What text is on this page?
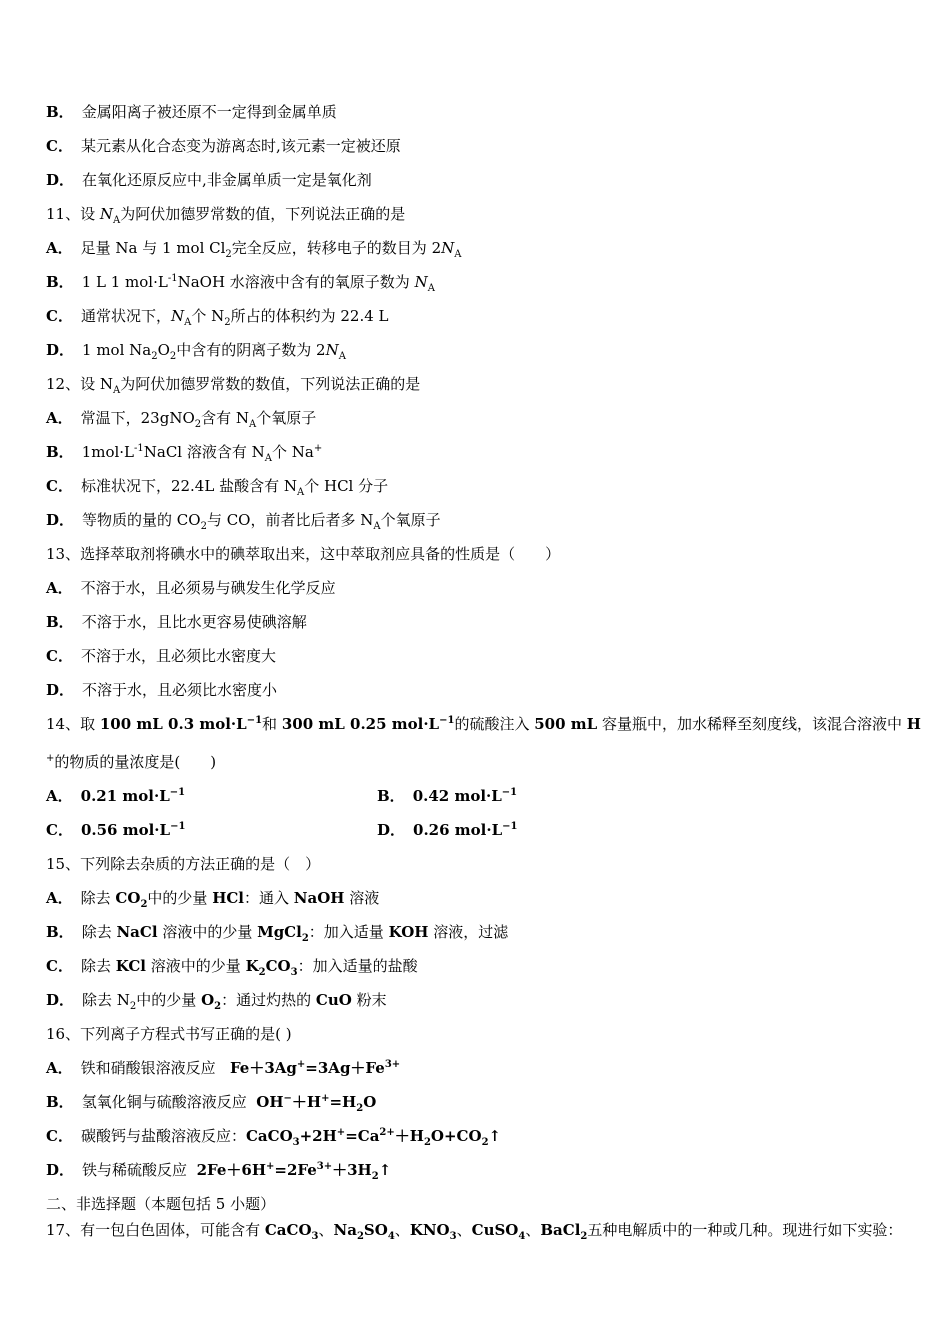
B． 金属阳离子被还原不一定得到金属单质
C． 某元素从化合态变为游离态时,该元素一定被还原
D． 在氧化还原反应中,非金属单质一定是氧化剂
11、设 $N_A$为阿伏加德罗常数的值，下列说法正确的是
A． 足量 Na 与 1 mol $Cl_2$完全反应，转移电子的数目为 $2N_A$
B． 1 L 1 $mol\cdot L^{-1}NaOH$ 水溶液中含有的氧原子数为 $N_A$
C． 通常状况下，$N_A$个 $N_2$所占的体积约为 22.4 L
D． 1 mol $Na_2O_2$中含有的阴离子数为 $2N_A$
12、设 $N_A$为阿伏加德罗常数的数值，下列说法正确的是
A． 常温下，23gNO$_2$含有 $N_A$个氧原子
B． $1mol\cdot L^{-1}NaCl$ 溶液含有 $N_A$个 Na+
C． 标准状况下，22.4L 盐酸含有 $N_A$个 HCl 分子
D． 等物质的量的 $CO_2$与 CO，前者比后者多 $N_A$个氧原子
13、选择萃取剂将碘水中的碘萃取出来，这中萃取剂应具备的性质是（　　）
A． 不溶于水，且必须易与碘发生化学反应
B． 不溶于水，且比水更容易使碘溶解
C． 不溶于水，且必须比水密度大
D． 不溶于水，且必须比水密度小
14、取 100 mL 0.3 $mol\cdot L^{-1}$和 300 mL 0.25 $mol\cdot L^{-1}$的硫酸注入 500 mL 容量瓶中，加水稀释至刻度线，该混合溶液中 H
+的物质的量浓度是(　　)
A． 0.21 $mol\cdot L^{-1}$	B． 0.42 $mol\cdot L^{-1}$
C． 0.56 $mol\cdot L^{-1}$	D． 0.26 $mol\cdot L^{-1}$
15、下列除去杂质的方法正确的是（　）
A． 除去 $CO_2$中的少量 HCl：通入 NaOH 溶液
B． 除去 NaCl 溶液中的少量 MgCl$_2$：加入适量 KOH 溶液，过滤
C． 除去 KCl 溶液中的少量 $K_2CO_3$：加入适量的盐酸
D． 除去 $N_2$中的少量 $O_2$：通过灼热的 CuO 粉末
16、下列离子方程式书写正确的是( )
A． 铁和硝酸银溶液反应 $Fe+3Ag^+=3Ag+Fe^{3+}$
B． 氢氧化铜与硫酸溶液反应 $OH^-+H^+=H_2O$
C． 碳酸钙与盐酸溶液反应：$CaCO_3+2H^+=Ca^{2+}+H_2O+CO_2↑$
D． 铁与稀硫酸反应 $2Fe+6H^+=2Fe^{3+}+3H_2↑$
二、非选择题（本题包括 5 小题）
17、有一包白色固体，可能含有 CaCO$_3$、$Na_2SO_4$、$KNO_3$、CuSO$_4$、BaCl$_2$五种电解质中的一种或几种。现进行如下实验：
